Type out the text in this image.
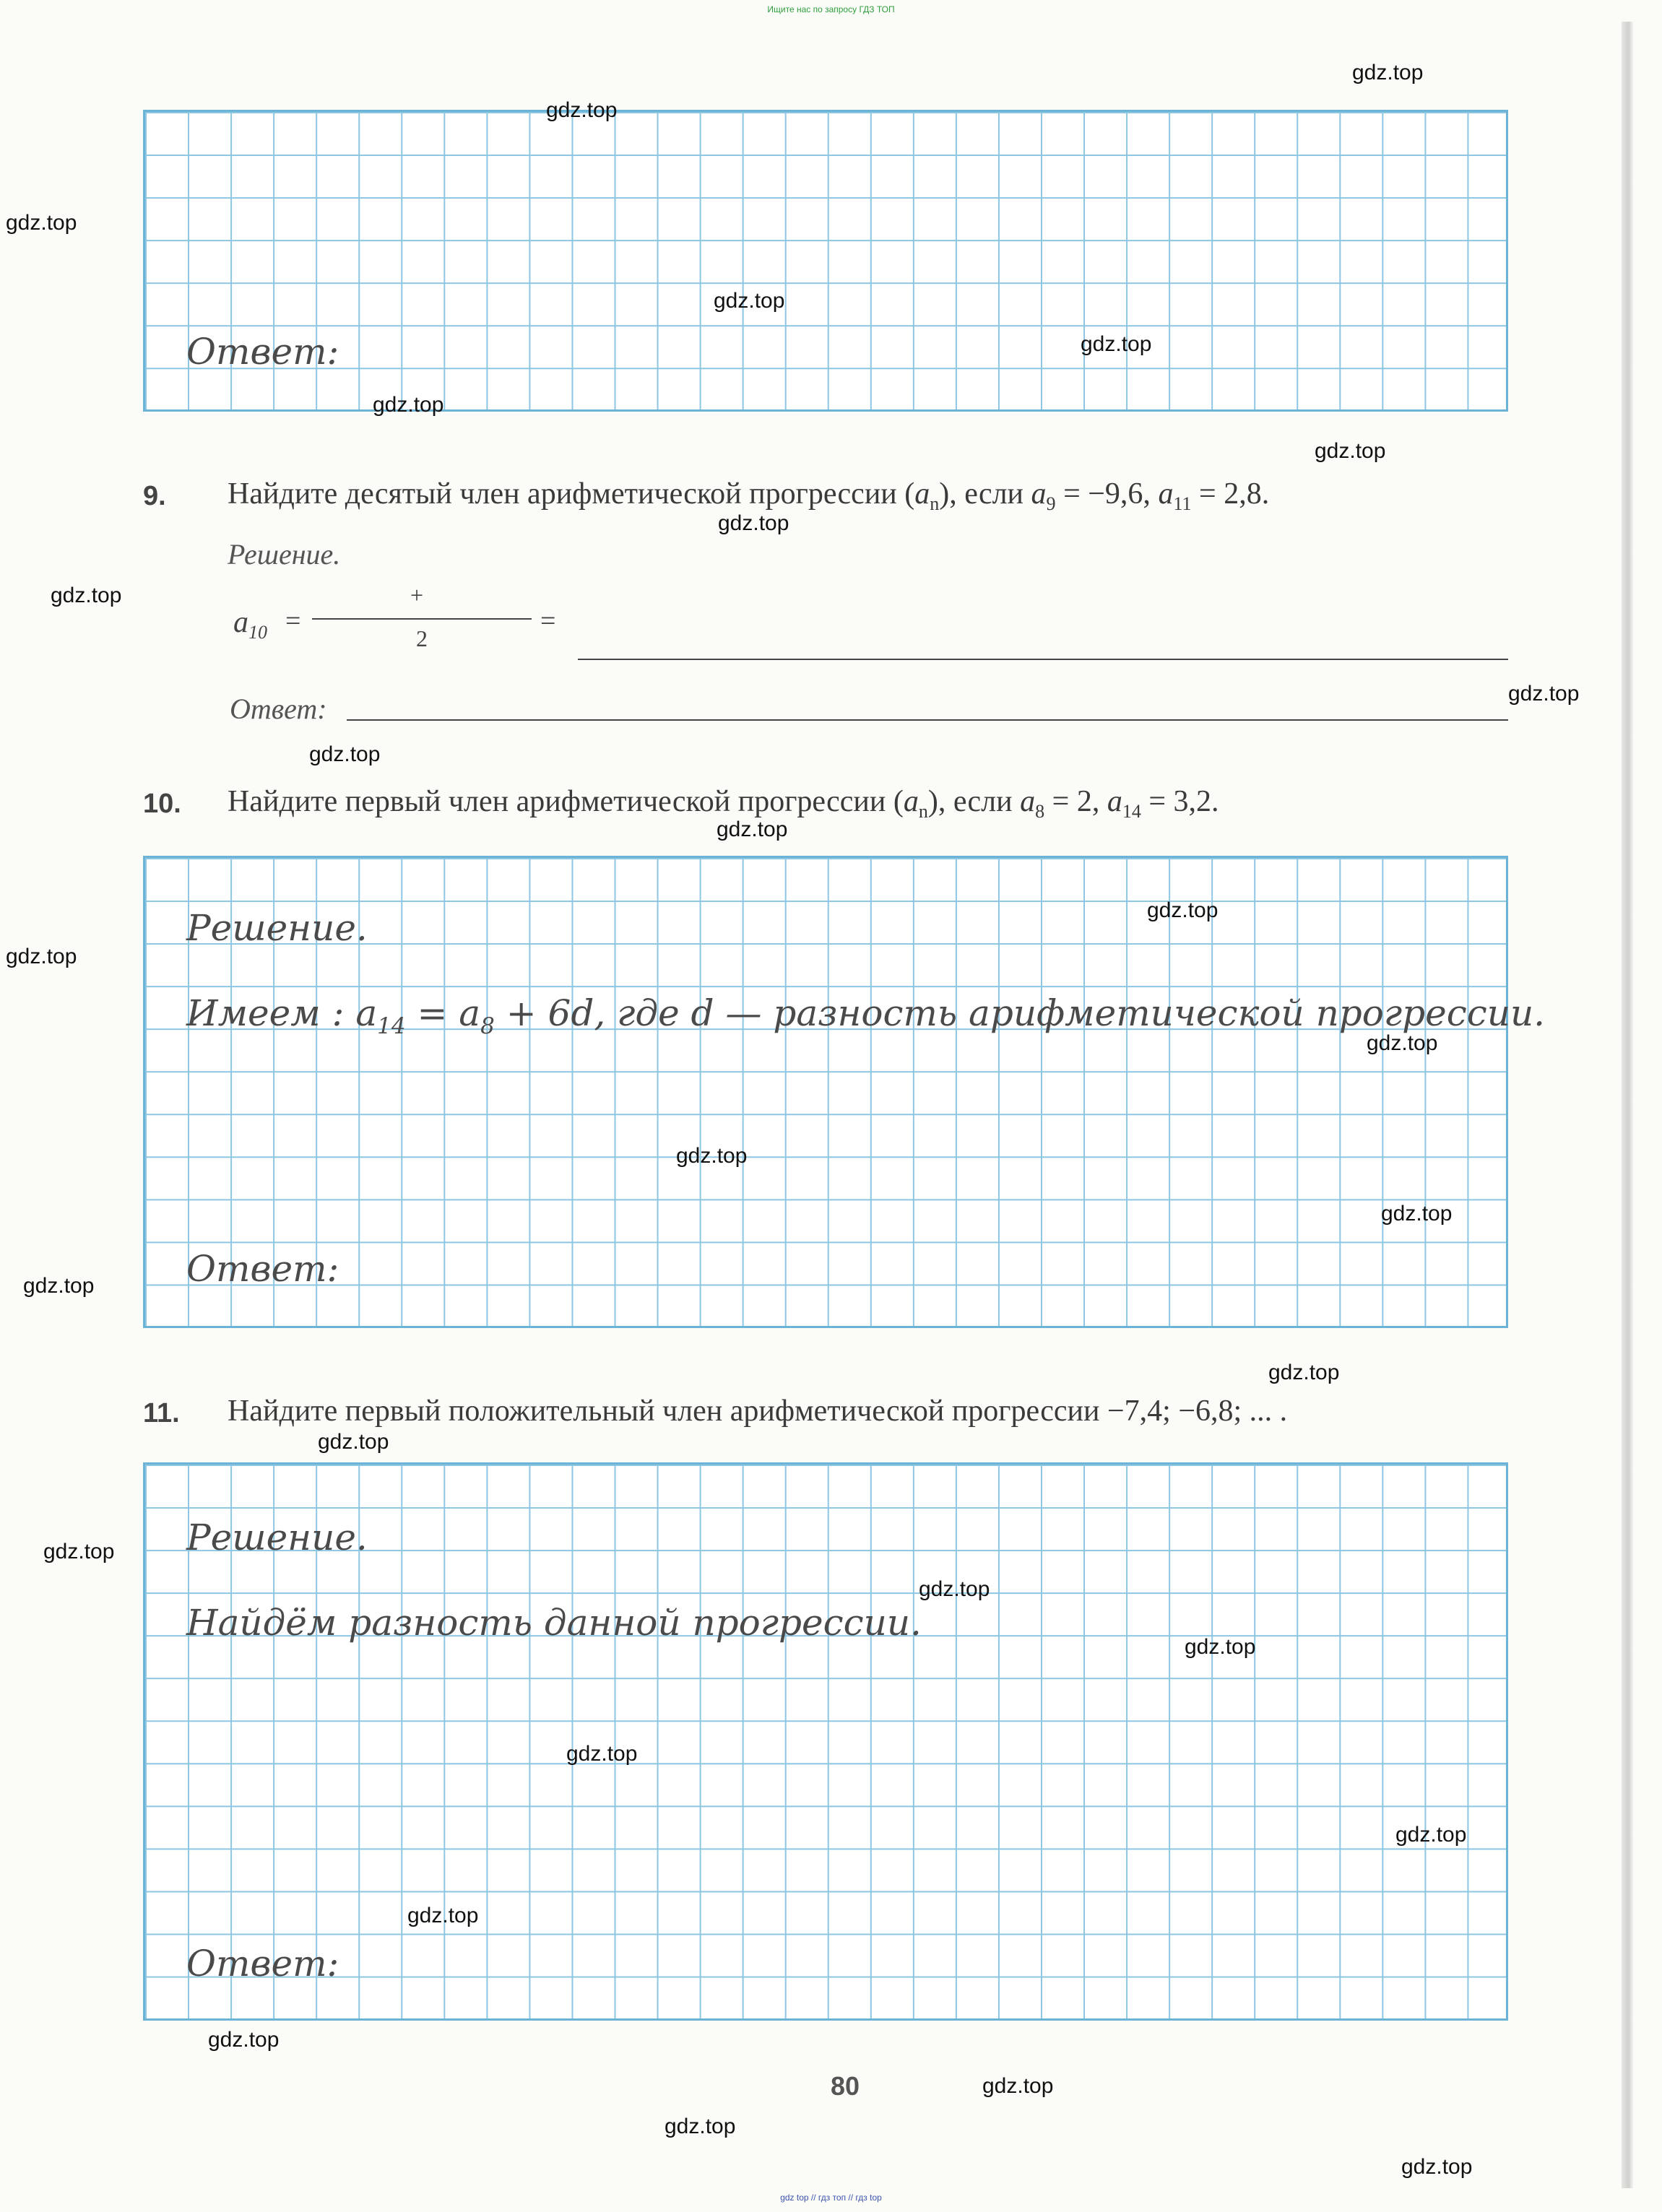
Ищите нас по запросу ГДЗ ТОП
Ответ:
9. Найдите десятый член арифметической прогрессии $(a_n)$, если $a_9 = -9,6$, $a_{11} = 2,8$.
Решение.
$a_{10}$ =
+
2
=
Ответ:
10. Найдите первый член арифметической прогрессии $(a_n)$, если $a_8 = 2$, $a_{14} = 3,2$.
Решение.
Имеем : $a_{14} = a_8 + 6d$, где d — разность арифметической прогрессии.
Ответ:
11. Найдите первый положительный член арифметической прогрессии −7,4; −6,8; ... .
Решение.
Найдём разность данной прогрессии.
Ответ:
80
gdz top // гдз топ // гдз top
gdz.top
gdz.top
gdz.top
gdz.top
gdz.top
gdz.top
gdz.top
gdz.top
gdz.top
gdz.top
gdz.top
gdz.top
gdz.top
gdz.top
gdz.top
gdz.top
gdz.top
gdz.top
gdz.top
gdz.top
gdz.top
gdz.top
gdz.top
gdz.top
gdz.top
gdz.top
gdz.top
gdz.top
gdz.top
gdz.top
